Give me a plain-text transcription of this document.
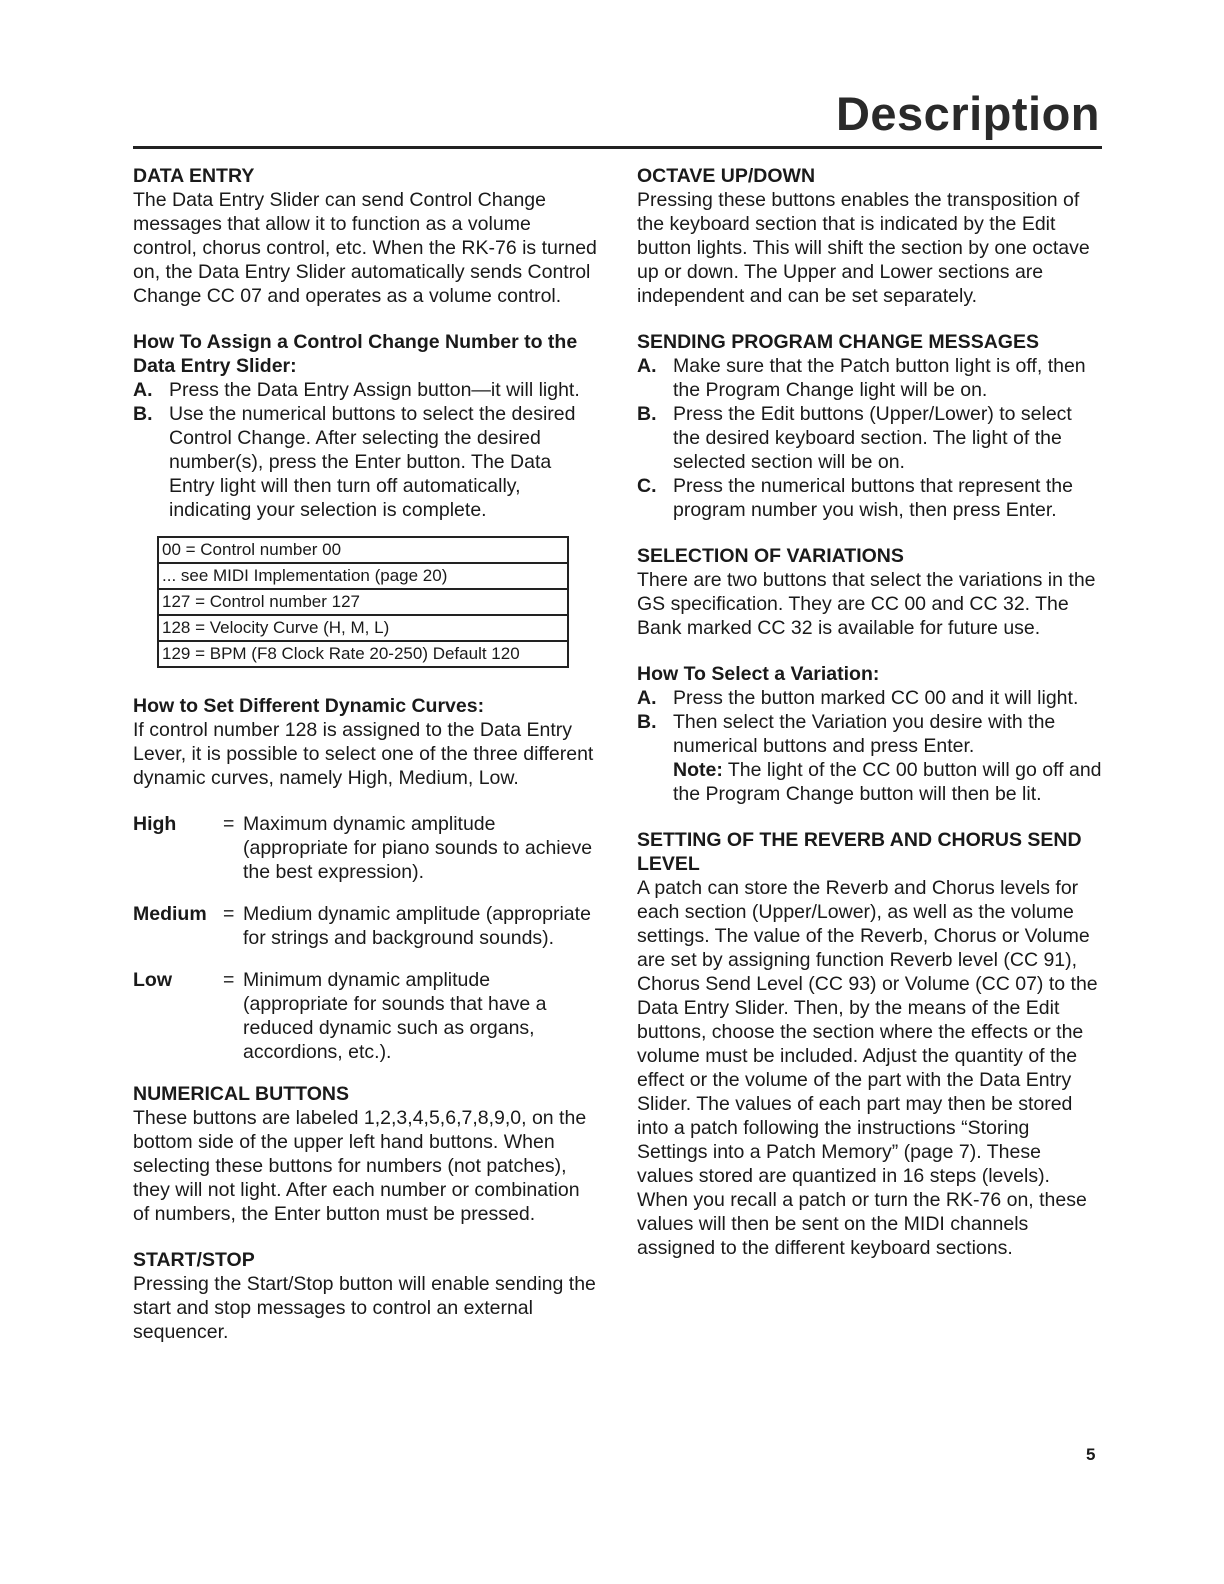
Description

DATA ENTRY

The Data Entry Slider can send Control Change messages that allow it to function as a volume control, chorus control, etc. When the RK-76 is turned on, the Data Entry Slider automatically sends Control Change CC 07 and operates as a volume control.

How To Assign a Control Change Number to the Data Entry Slider:

A. Press the Data Entry Assign button—it will light.
B. Use the numerical buttons to select the desired Control Change. After selecting the desired number(s), press the Enter button. The Data Entry light will then turn off automatically, indicating your selection is complete.
00 = Control number 00
... see MIDI Implementation (page 20)
127 = Control number 127
128 = Velocity Curve (H, M, L)
129 = BPM (F8 Clock Rate 20-250) Default 120

How to Set Different Dynamic Curves:

If control number 128 is assigned to the Data Entry Lever, it is possible to select one of the three different dynamic curves, namely High, Medium, Low.

High	= Maximum dynamic amplitude (appropriate for piano sounds to achieve the best expression).
Medium = Medium dynamic amplitude (appropriate for strings and background sounds).
Low	= Minimum dynamic amplitude (appropriate for sounds that have a reduced dynamic such as organs, accordions, etc.).

NUMERICAL BUTTONS

These buttons are labeled 1,2,3,4,5,6,7,8,9,0, on the bottom side of the upper left hand buttons. When selecting these buttons for numbers (not patches), they will not light. After each number or combination of numbers, the Enter button must be pressed.

START/STOP

Pressing the Start/Stop button will enable sending the start and stop messages to control an external sequencer.

OCTAVE UP/DOWN

Pressing these buttons enables the transposition of the keyboard section that is indicated by the Edit button lights. This will shift the section by one octave up or down. The Upper and Lower sections are independent and can be set separately.

SENDING PROGRAM CHANGE MESSAGES

A. Make sure that the Patch button light is off, then the Program Change light will be on.
B. Press the Edit buttons (Upper/Lower) to select the desired keyboard section. The light of the selected section will be on.
C. Press the numerical buttons that represent the program number you wish, then press Enter.

SELECTION OF VARIATIONS

There are two buttons that select the variations in the GS specification. They are CC 00 and CC 32. The Bank marked CC 32 is available for future use.

How To Select a Variation:

A. Press the button marked CC 00 and it will light.
B. Then select the Variation you desire with the numerical buttons and press Enter.
Note: The light of the CC 00 button will go off and the Program Change button will then be lit.

SETTING OF THE REVERB AND CHORUS SEND LEVEL

A patch can store the Reverb and Chorus levels for each section (Upper/Lower), as well as the volume settings. The value of the Reverb, Chorus or Volume are set by assigning function Reverb level (CC 91), Chorus Send Level (CC 93) or Volume (CC 07) to the Data Entry Slider. Then, by the means of the Edit buttons, choose the section where the effects or the volume must be included. Adjust the quantity of the effect or the volume of the part with the Data Entry Slider. The values of each part may then be stored into a patch following the instructions “Storing Settings into a Patch Memory” (page 7). These values stored are quantized in 16 steps (levels). When you recall a patch or turn the RK-76 on, these values will then be sent on the MIDI channels assigned to the different keyboard sections.

5
